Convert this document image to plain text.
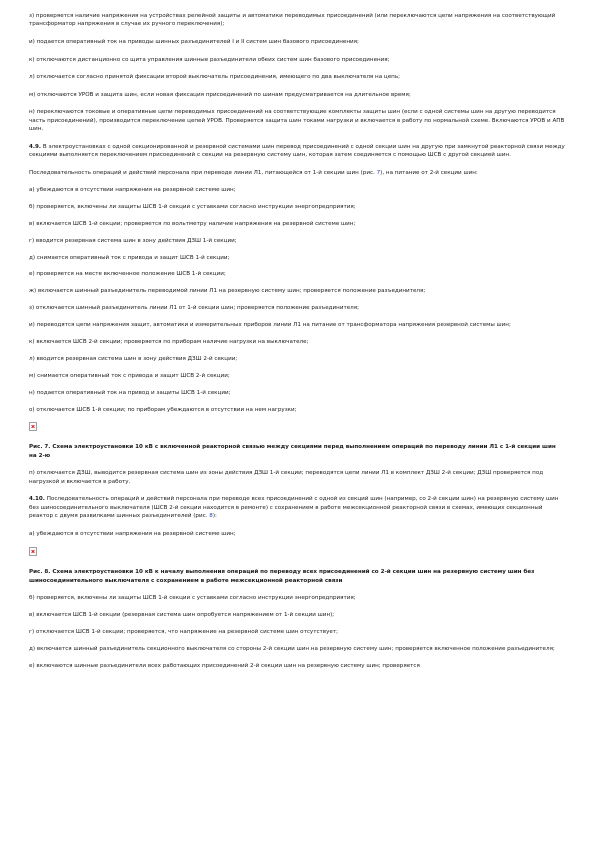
з) проверяется наличие напряжения на устройствах релейной защиты и автоматики переводимых присоединений (или переключаются цепи напряжения на соответствующий трансформатор напряжения в случае их ручного переключения);

и) подается оперативный ток на приводы шинных разъединителей I и II систем шин базового присоединения;

к) отключаются дистанционно со щита управления шинные разъединители обеих систем шин базового присоединения;

л) отключается согласно принятой фиксации второй выключатель присоединения, имеющего по два выключателя на цепь;

м) отключаются УРОВ и защита шин, если новая фиксация присоединений по шинам предусматривается на длительное время;

н) переключаются токовые и оперативные цепи переводимых присоединений на соответствующие комплекты защиты шин (если с одной системы шин на другую переводится часть присоединений), производится переключение цепей УРОВ. Проверяется защита шин токами нагрузки и включается в работу по нормальной схеме. Включаются УРОВ и АПВ шин.

4.9. В электроустановках с одной секционированной и резервной системами шин перевод присоединений с одной секции шин на другую при замкнутой реакторной связи между секциями выполняется переключением присоединений с секции на резервную систему шин, которая затем соединяется с помощью ШСВ с другой секцией шин.

Последовательность операций и действий персонала при переводе линии Л1, питающейся от 1-й секции шин (рис. 7), на питание от 2-й секции шин:

а) убеждаются в отсутствии напряжения на резервной системе шин;

б) проверяется, включены ли защиты ШСВ 1-й секции с уставками согласно инструкции энергопредприятия;

в) включается ШСВ 1-й секции; проверяется по вольтметру наличие напряжения на резервной системе шин;

г) вводится резервная система шин в зону действия ДЗШ 1-й секции;

д) снимается оперативный ток с привода и защит ШСВ 1-й секции;

е) проверяется на месте включенное положение ШСВ 1-й секции;

ж) включается шинный разъединитель переводимой линии Л1 на резервную систему шин; проверяется положение разъединителя;

з) отключается шинный разъединитель линии Л1 от 1-й секции шин; проверяется положение разъединителя;

и) переводятся цепи напряжения защит, автоматики и измерительных приборов линии Л1 на питание от трансформатора напряжения резервной системы шин;

к) включается ШСВ 2-й секции; проверяется по приборам наличие нагрузки на выключателе;

л) вводится резервная система шин в зону действия ДЗШ 2-й секции;

м) снимается оперативный ток с привода и защит ШСВ 2-й секции;

н) подается оперативный ток на привод и защиты ШСВ 1-й секции;

о) отключается ШСВ 1-й секции; по приборам убеждаются в отсутствии на нем нагрузки;

Рис. 7. Схема электроустановки 10 кВ с включенной реакторной связью между секциями перед выполнением операций по переводу линии Л1 с 1-й секции шин на 2-ю

п) отключается ДЗШ, выводится резервная система шин из зоны действия ДЗШ 1-й секции; переводятся цепи линии Л1 в комплект ДЗШ 2-й секции; ДЗШ проверяется под нагрузкой и включается в работу.

4.10. Последовательность операций и действий персонала при переводе всех присоединений с одной из секций шин (например, со 2-й секции шин) на резервную систему шин без шиносоединительного выключателя (ШСВ 2-й секции находится в ремонте) с сохранением в работе межсекционной реакторной связи в схемах, имеющих секционный реактор с двумя развилками шинных разъединителей (рис. 8):

а) убеждаются в отсутствии напряжения на резервной системе шин;

Рис. 8. Схема электроустановки 10 кВ к началу выполнения операций по переводу всех присоединений со 2-й секции шин на резервную систему шин без шиносоединительного выключателя с сохранением в работе межсекционной реакторной связи

б) проверяется, включены ли защиты ШСВ 1-й секции с уставками согласно инструкции энергопредприятия;

в) включается ШСВ 1-й секции (резервная система шин опробуется напряжением от 1-й секции шин);

г) отключается ШСВ 1-й секции; проверяется, что напряжение на резервной системе шин отсутствует;

д) включается шинный разъединитель секционного выключателя со стороны 2-й секции шин на резервную систему шин; проверяется включенное положение разъединителя;

е) включаются шинные разъединители всех работающих присоединений 2-й секции шин на резервную систему шин; проверяется
